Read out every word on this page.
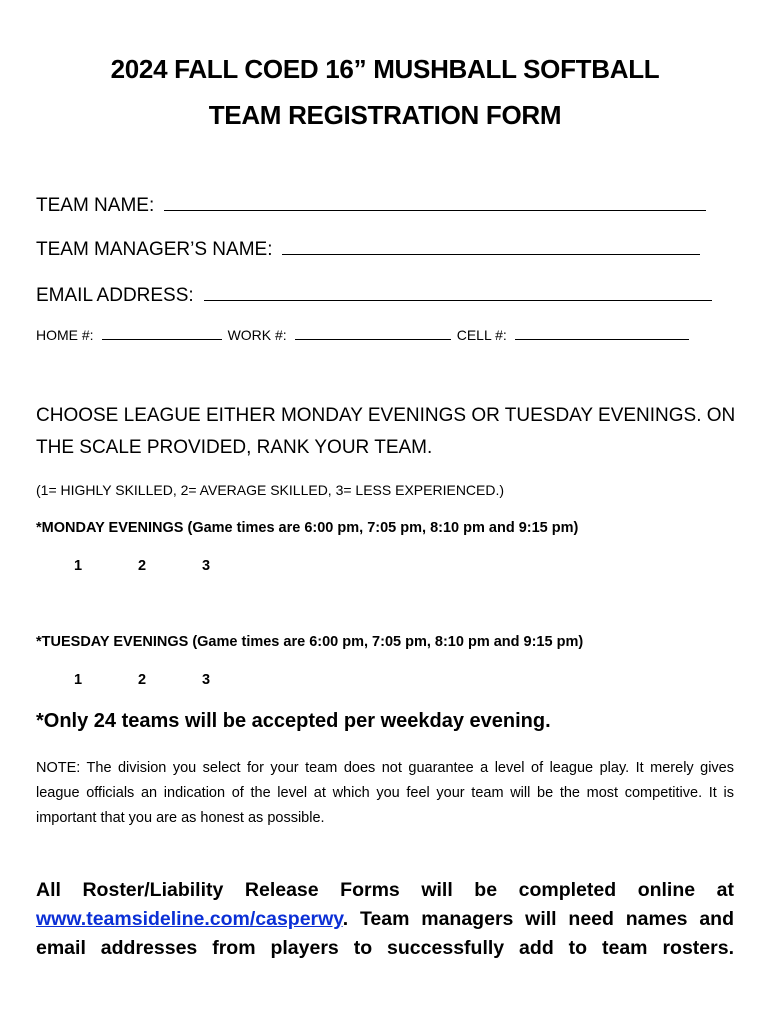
2024 FALL COED 16” MUSHBALL SOFTBALL
TEAM REGISTRATION FORM
TEAM NAME:
TEAM MANAGER’S NAME:
EMAIL ADDRESS:
HOME #:	WORK #:	CELL #:
CHOOSE LEAGUE EITHER MONDAY EVENINGS OR TUESDAY EVENINGS. ON THE SCALE PROVIDED, RANK YOUR TEAM.
(1= HIGHLY SKILLED, 2= AVERAGE SKILLED, 3= LESS EXPERIENCED.)
*MONDAY EVENINGS (Game times are 6:00 pm, 7:05 pm, 8:10 pm and 9:15 pm)
1	2	3
*TUESDAY EVENINGS (Game times are 6:00 pm, 7:05 pm, 8:10 pm and 9:15 pm)
1	2	3
*Only 24 teams will be accepted per weekday evening.
NOTE: The division you select for your team does not guarantee a level of league play. It merely gives league officials an indication of the level at which you feel your team will be the most competitive. It is important that you are as honest as possible.
All Roster/Liability Release Forms will be completed online at www.teamsideline.com/casperwy. Team managers will need names and email addresses from players to successfully add to team rosters.
